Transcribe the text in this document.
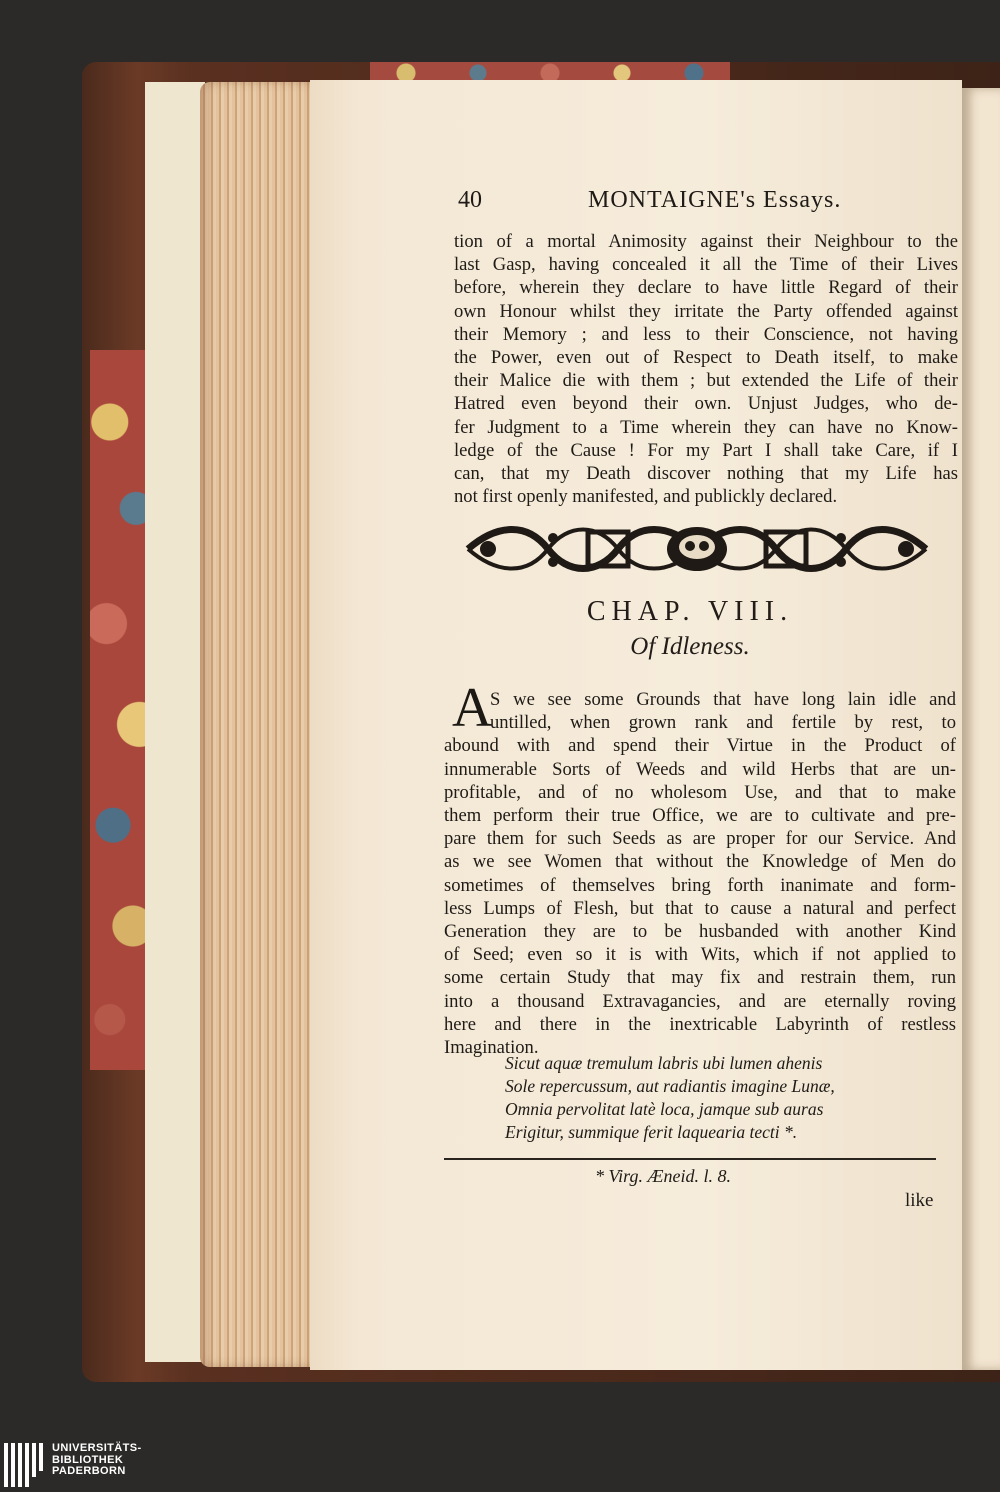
40	MONTAIGNE's Essays.
tion of a mortal Animosity against their Neighbour to the
last Gasp, having concealed it all the Time of their Lives
before, wherein they declare to have little Regard of their
own Honour whilst they irritate the Party offended against
their Memory ; and less to their Conscience, not having
the Power, even out of Respect to Death itself, to make
their Malice die with them ; but extended the Life of their
Hatred even beyond their own. Unjust Judges, who de-
fer Judgment to a Time wherein they can have no Know-
ledge of the Cause ! For my Part I shall take Care, if I
can, that my Death discover nothing that my Life has
not first openly manifested, and publickly declared.
CHAP. VIII.
Of Idleness.
A
S we see some Grounds that have long lain idle and
untilled, when grown rank and fertile by rest, to
abound with and spend their Virtue in the Product of
innumerable Sorts of Weeds and wild Herbs that are un-
profitable, and of no wholesom Use, and that to make
them perform their true Office, we are to cultivate and pre-
pare them for such Seeds as are proper for our Service. And
as we see Women that without the Knowledge of Men do
sometimes of themselves bring forth inanimate and form-
less Lumps of Flesh, but that to cause a natural and perfect
Generation they are to be husbanded with another Kind
of Seed; even so it is with Wits, which if not applied to
some certain Study that may fix and restrain them, run
into a thousand Extravagancies, and are eternally roving
here and there in the inextricable Labyrinth of restless
Imagination.
Sicut aquæ tremulum labris ubi lumen ahenis
Sole repercussum, aut radiantis imagine Lunæ,
Omnia pervolitat latè loca, jamque sub auras
Erigitur, summique ferit laquearia tecti *.
* Virg. Æneid. l. 8.
like
UNIVERSITÄTS-
BIBLIOTHEK
PADERBORN
